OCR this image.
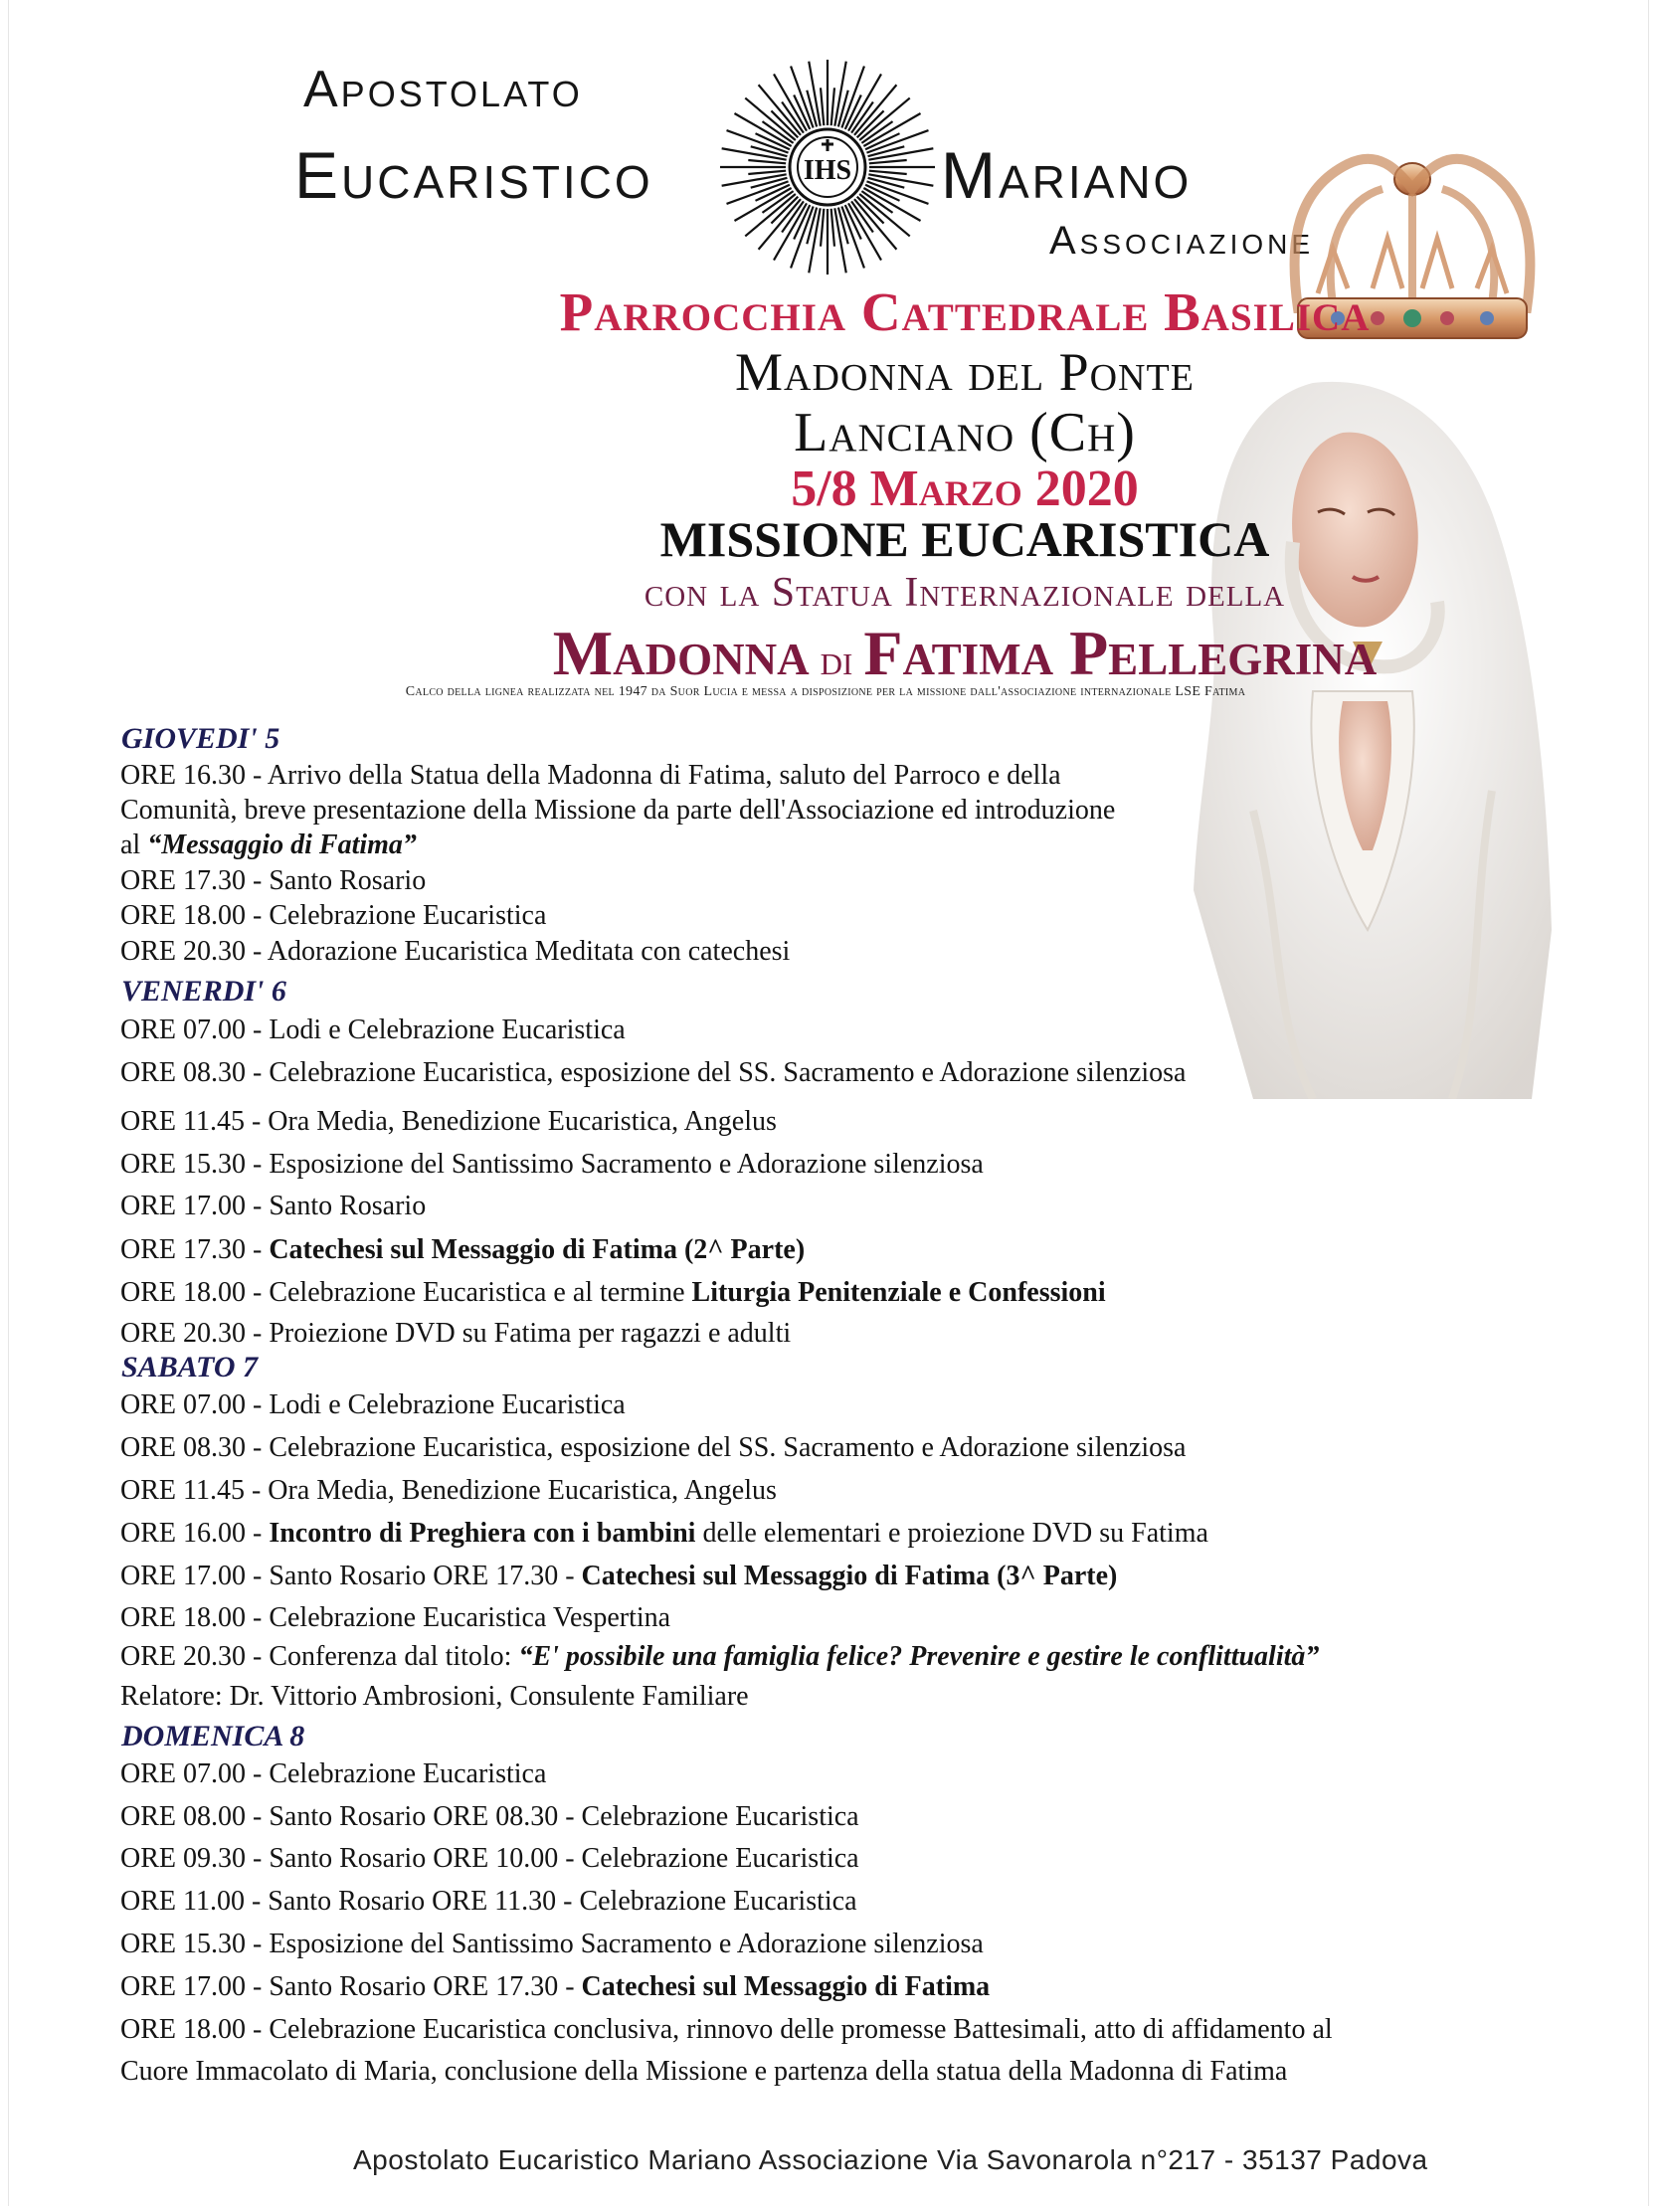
Apostolato
Eucaristico	Mariano
Associazione
IHS
Parrocchia Cattedrale Basilica
Madonna del Ponte
Lanciano (Ch)
5/8 Marzo 2020
MISSIONE EUCARISTICA
con la Statua Internazionale della
Madonna di Fatima Pellegrina
Calco della lignea realizzata nel 1947 da Suor Lucia e messa a disposizione per la missione dall'associazione internazionale LSE Fatima
GIOVEDI' 5
ORE 16.30 - Arrivo della Statua della Madonna di Fatima, saluto del Parroco e della
Comunità, breve presentazione della Missione da parte dell'Associazione ed introduzione
al “Messaggio di Fatima”
ORE 17.30 - Santo Rosario
ORE 18.00 - Celebrazione Eucaristica
ORE 20.30 - Adorazione Eucaristica Meditata con catechesi
VENERDI' 6
ORE 07.00 - Lodi e Celebrazione Eucaristica
ORE 08.30 - Celebrazione Eucaristica, esposizione del SS. Sacramento e Adorazione silenziosa
ORE 11.45 - Ora Media, Benedizione Eucaristica, Angelus
ORE 15.30 - Esposizione del Santissimo Sacramento e Adorazione silenziosa
ORE 17.00 - Santo Rosario
ORE 17.30 - Catechesi sul Messaggio di Fatima (2^ Parte)
ORE 18.00 - Celebrazione Eucaristica e al termine Liturgia Penitenziale e Confessioni
ORE 20.30 - Proiezione DVD su Fatima per ragazzi e adulti
SABATO 7
ORE 07.00 - Lodi e Celebrazione Eucaristica
ORE 08.30 - Celebrazione Eucaristica, esposizione del SS. Sacramento e Adorazione silenziosa
ORE 11.45 - Ora Media, Benedizione Eucaristica, Angelus
ORE 16.00 - Incontro di Preghiera con i bambini delle elementari e proiezione DVD su Fatima
ORE 17.00 - Santo Rosario ORE 17.30 - Catechesi sul Messaggio di Fatima (3^ Parte)
ORE 18.00 - Celebrazione Eucaristica Vespertina
ORE 20.30 - Conferenza dal titolo: “E' possibile una famiglia felice? Prevenire e gestire le conflittualità”
Relatore: Dr. Vittorio Ambrosioni, Consulente Familiare
DOMENICA 8
ORE 07.00 - Celebrazione Eucaristica
ORE 08.00 - Santo Rosario ORE 08.30 - Celebrazione Eucaristica
ORE 09.30 - Santo Rosario ORE 10.00 - Celebrazione Eucaristica
ORE 11.00 - Santo Rosario ORE 11.30 - Celebrazione Eucaristica
ORE 15.30 - Esposizione del Santissimo Sacramento e Adorazione silenziosa
ORE 17.00 - Santo Rosario ORE 17.30 - Catechesi sul Messaggio di Fatima
ORE 18.00 - Celebrazione Eucaristica conclusiva, rinnovo delle promesse Battesimali, atto di affidamento al
Cuore Immacolato di Maria, conclusione della Missione e partenza della statua della Madonna di Fatima
Apostolato Eucaristico Mariano Associazione Via Savonarola n°217 - 35137 Padova
